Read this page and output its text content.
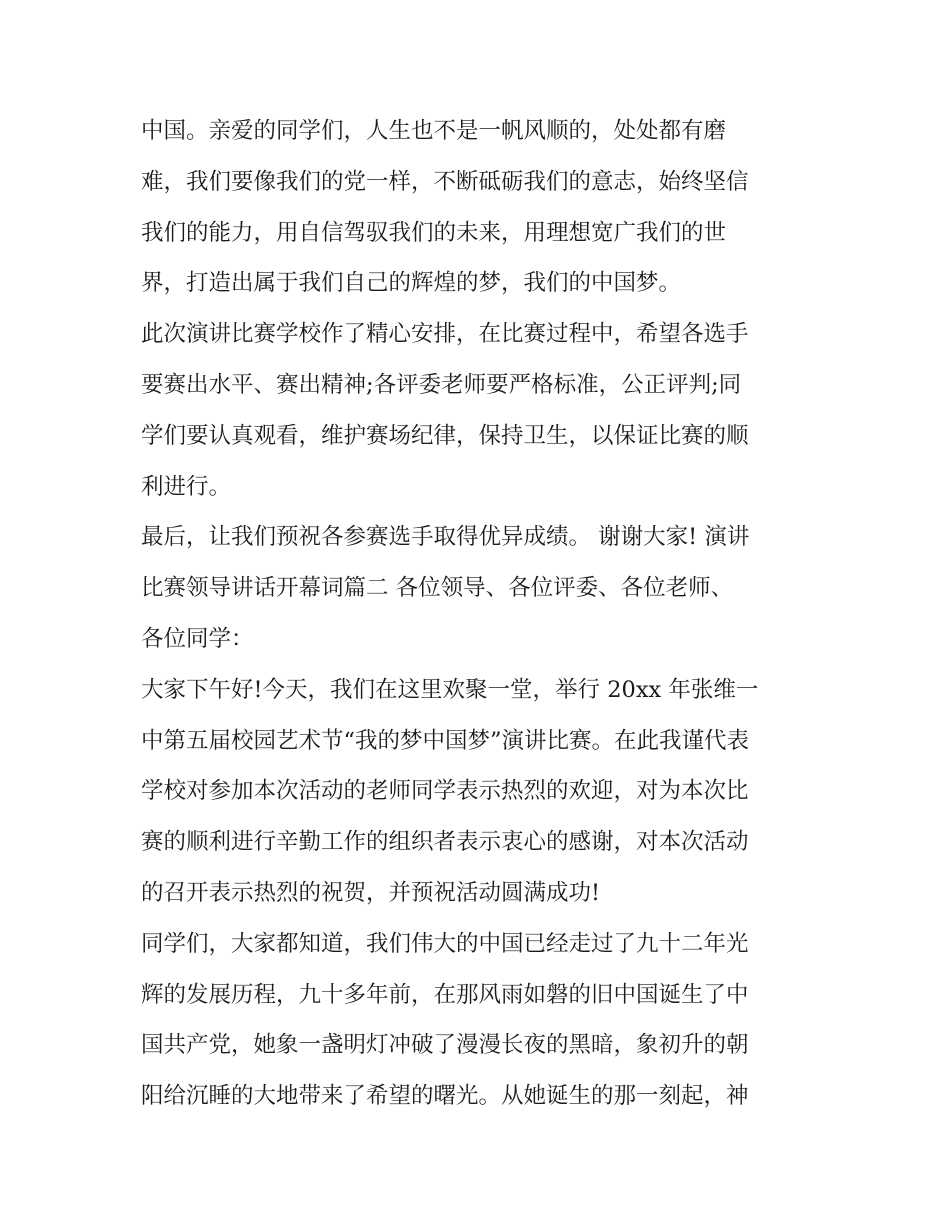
中国。亲爱的同学们，人生也不是一帆风顺的，处处都有磨
难，我们要像我们的党一样，不断砥砺我们的意志，始终坚信
我们的能力，用自信驾驭我们的未来，用理想宽广我们的世
界，打造出属于我们自己的辉煌的梦，我们的中国梦。
此次演讲比赛学校作了精心安排，在比赛过程中，希望各选手
要赛出水平、赛出精神;各评委老师要严格标准，公正评判;同
学们要认真观看，维护赛场纪律，保持卫生，以保证比赛的顺
利进行。
最后，让我们预祝各参赛选手取得优异成绩。 谢谢大家! 演讲
比赛领导讲话开幕词篇二 各位领导、各位评委、各位老师、
各位同学：
大家下午好!今天，我们在这里欢聚一堂，举行 20xx 年张维一
中第五届校园艺术节“我的梦中国梦”演讲比赛。在此我谨代表
学校对参加本次活动的老师同学表示热烈的欢迎，对为本次比
赛的顺利进行辛勤工作的组织者表示衷心的感谢，对本次活动
的召开表示热烈的祝贺，并预祝活动圆满成功!
同学们，大家都知道，我们伟大的中国已经走过了九十二年光
辉的发展历程，九十多年前，在那风雨如磐的旧中国诞生了中
国共产党，她象一盏明灯冲破了漫漫长夜的黑暗，象初升的朝
阳给沉睡的大地带来了希望的曙光。从她诞生的那一刻起，神
